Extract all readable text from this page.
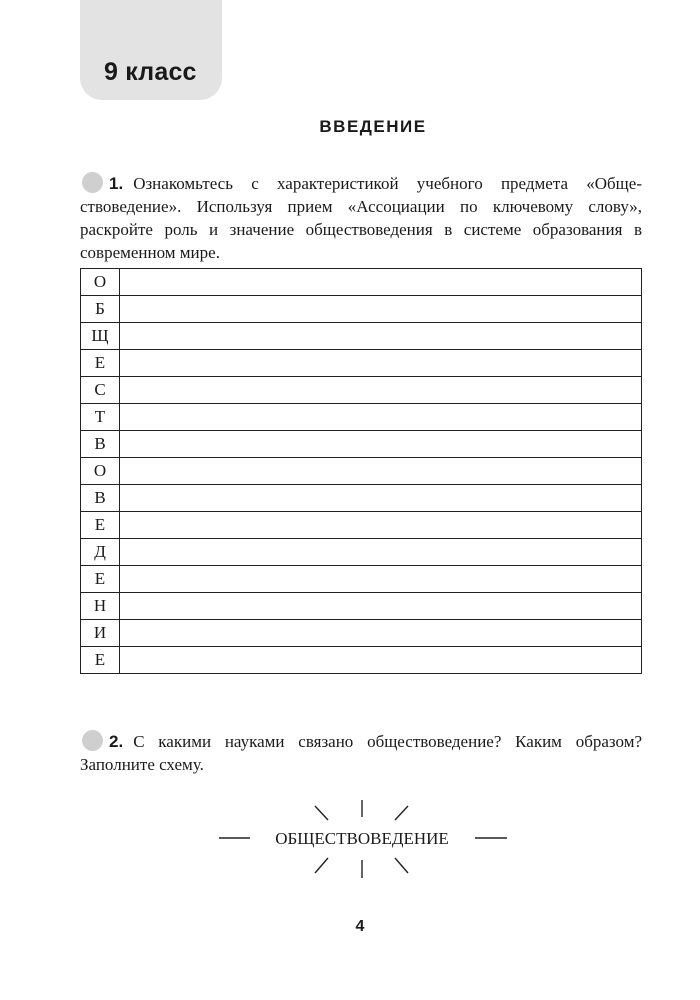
9 класс
ВВЕДЕНИЕ
1. Ознакомьтесь с характеристикой учебного предмета «Обществоведение». Используя прием «Ассоциации по ключевому слову», раскройте роль и значение обществоведения в системе образования в современном мире.
О	
Б	
Щ	
Е	
С	
Т	
В	
О	
В	
Е	
Д	
Е	
Н	
И	
Е	
2. С какими науками связано обществоведение? Каким образом? Заполните схему.
ОБЩЕСТВОВЕДЕНИЕ
4
